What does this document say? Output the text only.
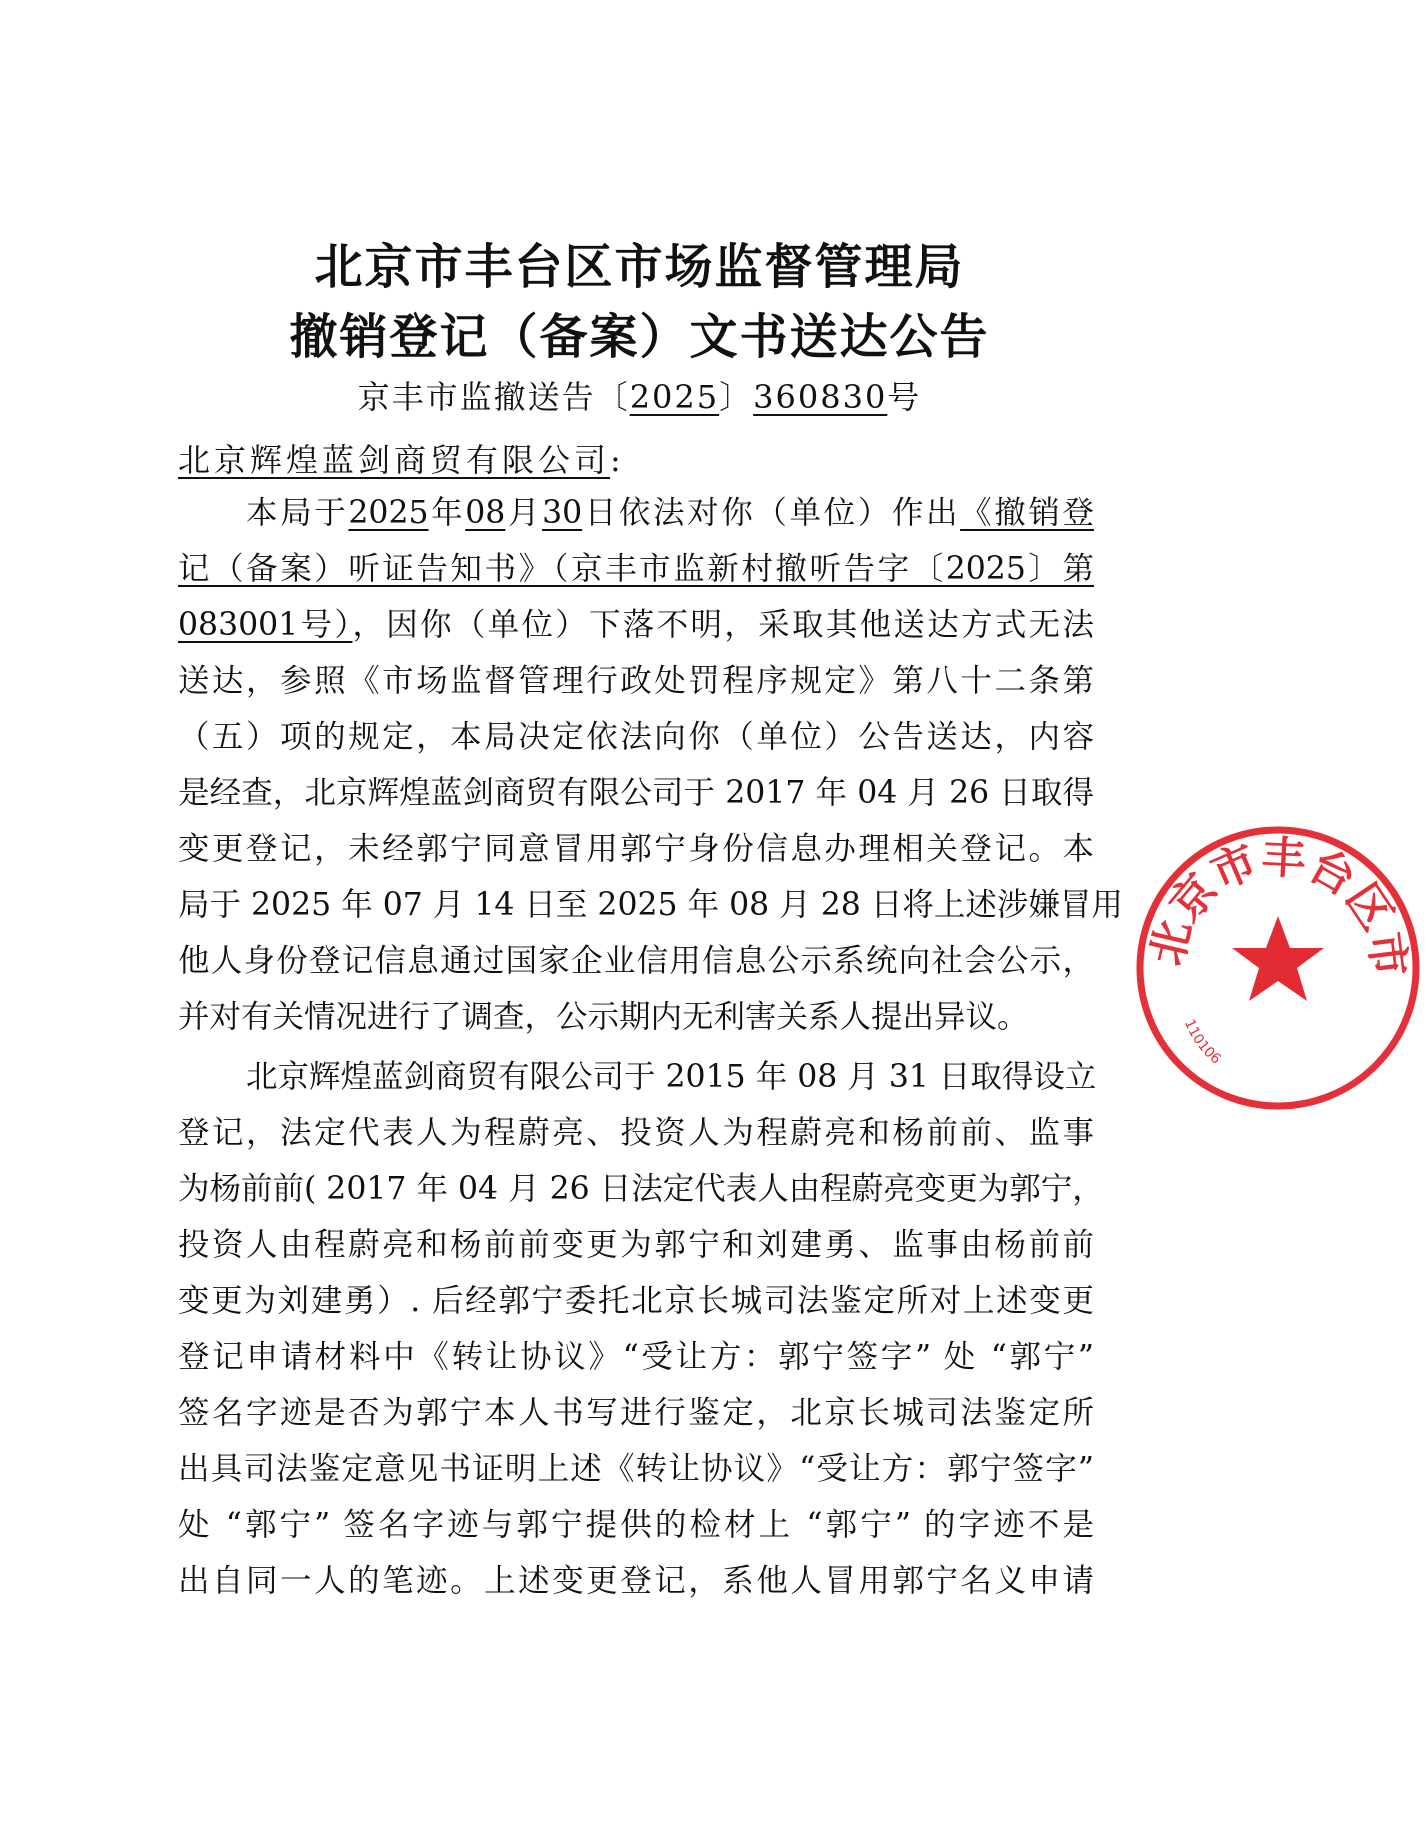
北京市丰台区市场监督管理局
撤销登记（备案）文书送达公告
京丰市监撤送告〔2025〕360830号
北京辉煌蓝剑商贸有限公司:
本局于2025年08月30日依法对你（单位）作出《撤销登
记（备案）听证告知书》（京丰市监新村撤听告字〔2025〕第
083001号），因你（单位）下落不明，采取其他送达方式无法
送达，参照《市场监督管理行政处罚程序规定》第八十二条第
（五）项的规定，本局决定依法向你（单位）公告送达，内容
是经查，北京辉煌蓝剑商贸有限公司于 2017 年 04 月 26 日取得
变更登记，未经郭宁同意冒用郭宁身份信息办理相关登记。本
局于 2025 年 07 月 14 日至 2025 年 08 月 28 日将上述涉嫌冒用
他人身份登记信息通过国家企业信用信息公示系统向社会公示，
并对有关情况进行了调查，公示期内无利害关系人提出异议。
北京辉煌蓝剑商贸有限公司于 2015 年 08 月 31 日取得设立
登记，法定代表人为程蔚亮、投资人为程蔚亮和杨前前、监事
为杨前前( 2017 年 04 月 26 日法定代表人由程蔚亮变更为郭宁，
投资人由程蔚亮和杨前前变更为郭宁和刘建勇、监事由杨前前
变更为刘建勇）. 后经郭宁委托北京长城司法鉴定所对上述变更
登记申请材料中《转让协议》“受让方：郭宁签字” 处 “郭宁”
签名字迹是否为郭宁本人书写进行鉴定，北京长城司法鉴定所
出具司法鉴定意见书证明上述《转让协议》“受让方：郭宁签字”
处 “郭宁” 签名字迹与郭宁提供的检材上 “郭宁” 的字迹不是
出自同一人的笔迹。上述变更登记，系他人冒用郭宁名义申请
北京市丰台区市
110106
